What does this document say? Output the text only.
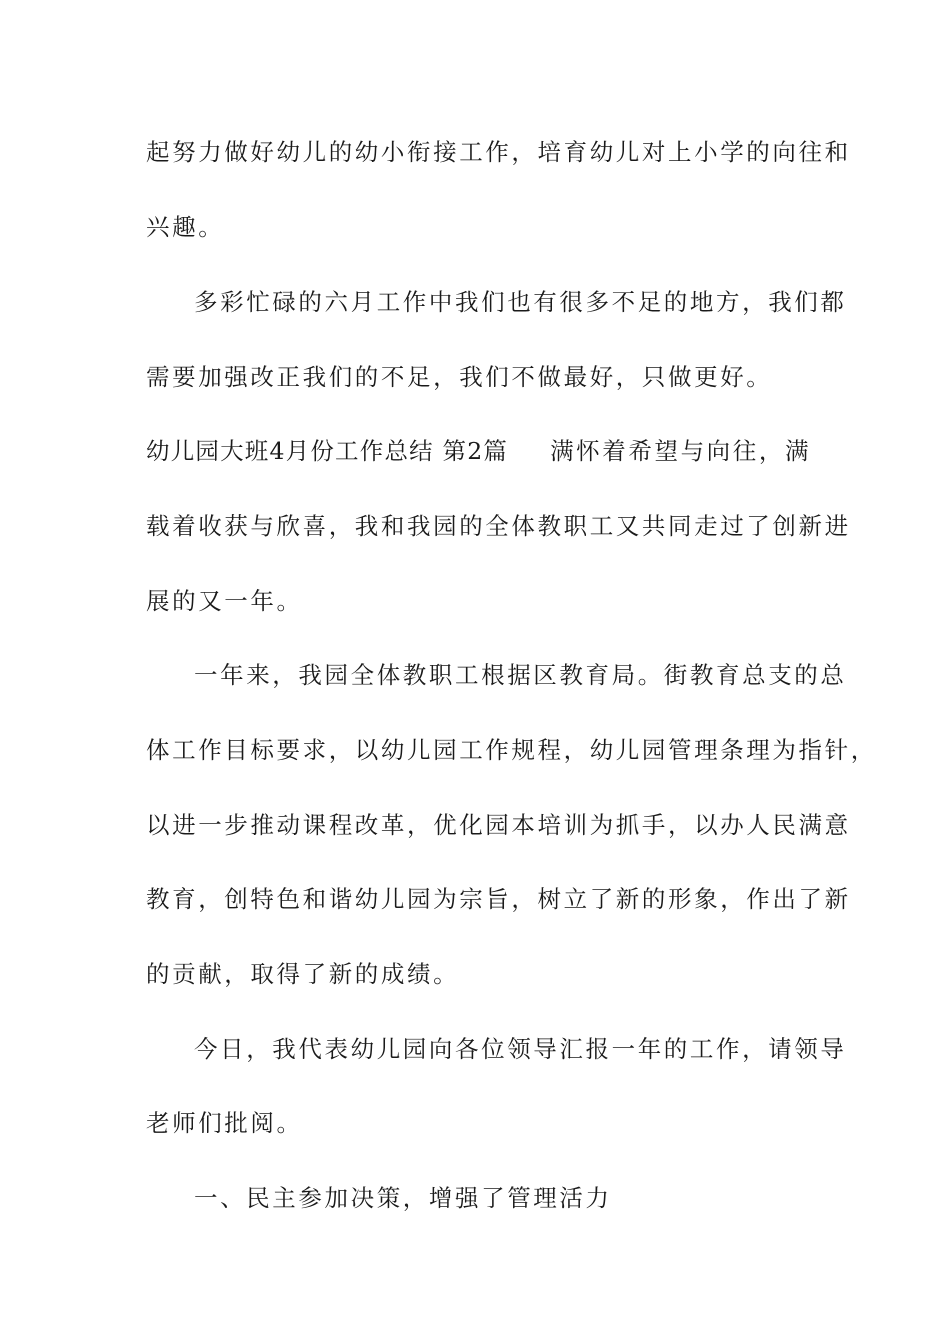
起努力做好幼儿的幼小衔接工作，培育幼儿对上小学的向往和
兴趣。
多彩忙碌的六月工作中我们也有很多不足的地方，我们都
需要加强改正我们的不足，我们不做最好，只做更好。
幼儿园大班4月份工作总结 第2篇 满怀着希望与向往，满
载着收获与欣喜，我和我园的全体教职工又共同走过了创新进
展的又一年。
一年来，我园全体教职工根据区教育局。街教育总支的总
体工作目标要求，以幼儿园工作规程，幼儿园管理条理为指针，
以进一步推动课程改革，优化园本培训为抓手，以办人民满意
教育，创特色和谐幼儿园为宗旨，树立了新的形象，作出了新
的贡献，取得了新的成绩。
今日，我代表幼儿园向各位领导汇报一年的工作，请领导
老师们批阅。
一、民主参加决策，增强了管理活力
